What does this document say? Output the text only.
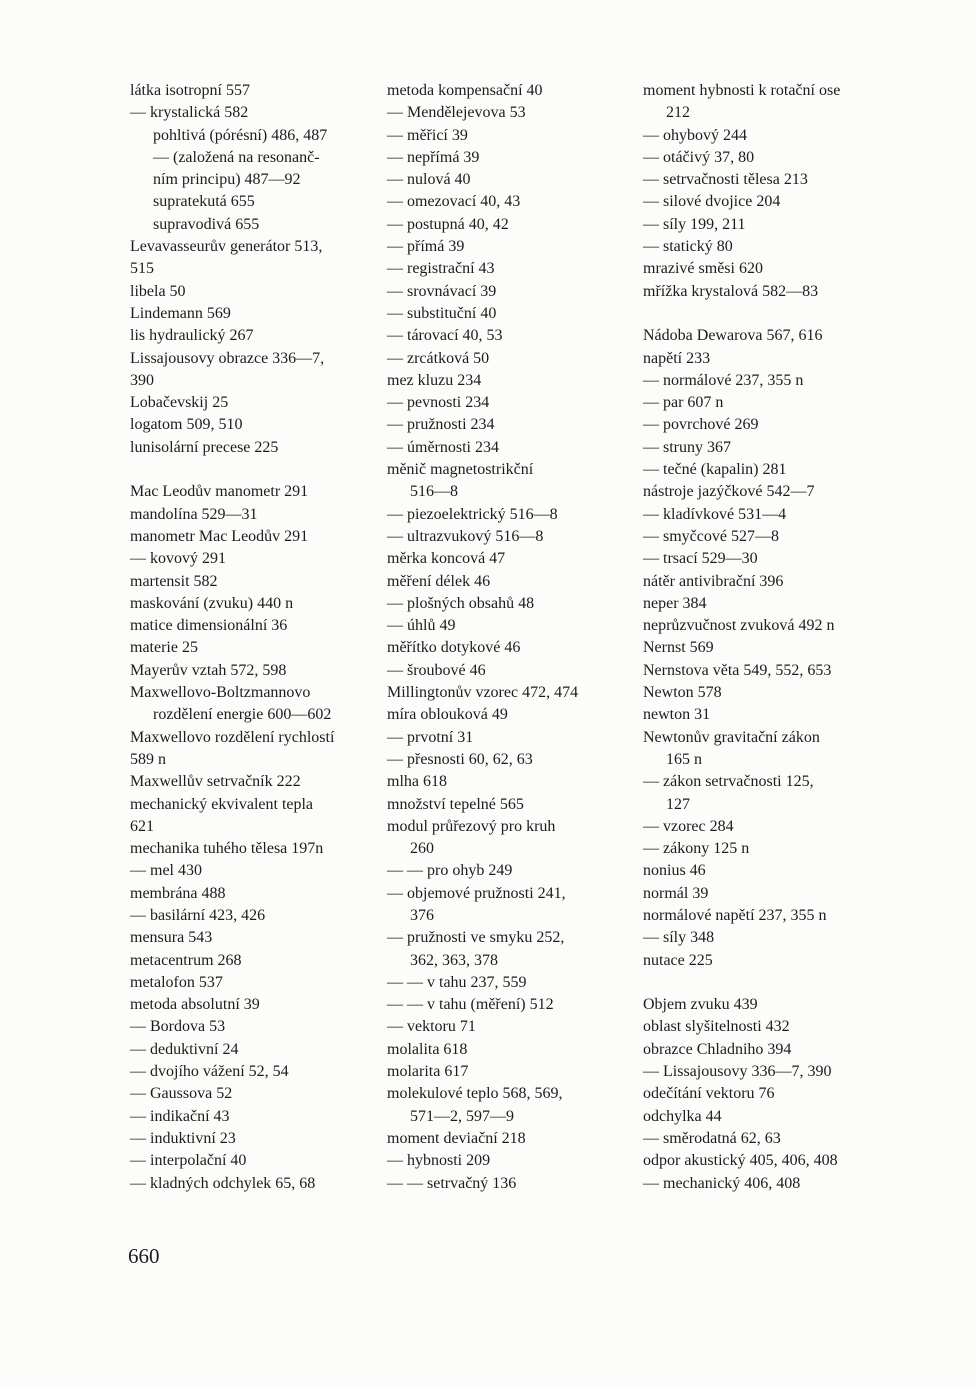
látka isotropní 557
— krystalická 582
pohltivá (pórésní) 486, 487
— (založená na resonanč-
ním principu) 487—92
supratekutá 655
supravodivá 655
Levavasseurův generátor 513,
515
libela 50
Lindemann 569
lis hydraulický 267
Lissajousovy obrazce 336—7,
390
Lobačevskij 25
logatom 509, 510
lunisolární precese 225
Mac Leodův manometr 291
mandolína 529—31
manometr Mac Leodův 291
— kovový 291
martensit 582
maskování (zvuku) 440 n
matice dimensionální 36
materie 25
Mayerův vztah 572, 598
Maxwellovo-Boltzmannovo
rozdělení energie 600—602
Maxwellovo rozdělení rychlostí
589 n
Maxwellův setrvačník 222
mechanický ekvivalent tepla
621
mechanika tuhého tělesa 197n
— mel 430
membrána 488
— basilární 423, 426
mensura 543
metacentrum 268
metalofon 537
metoda absolutní 39
— Bordova 53
— deduktivní 24
— dvojího vážení 52, 54
— Gaussova 52
— indikační 43
— induktivní 23
— interpolační 40
— kladných odchylek 65, 68
metoda kompensační 40
— Mendělejevova 53
— měřicí 39
— nepřímá 39
— nulová 40
— omezovací 40, 43
— postupná 40, 42
— přímá 39
— registrační 43
— srovnávací 39
— substituční 40
— tárovací 40, 53
— zrcátková 50
mez kluzu 234
— pevnosti 234
— pružnosti 234
— úměrnosti 234
měnič magnetostrikční
516—8
— piezoelektrický 516—8
— ultrazvukový 516—8
měrka koncová 47
měření délek 46
— plošných obsahů 48
— úhlů 49
měřítko dotykové 46
— šroubové 46
Millingtonův vzorec 472, 474
míra oblouková 49
— prvotní 31
— přesnosti 60, 62, 63
mlha 618
množství tepelné 565
modul průřezový pro kruh
260
— — pro ohyb 249
— objemové pružnosti 241,
376
— pružnosti ve smyku 252,
362, 363, 378
— — v tahu 237, 559
— — v tahu (měření) 512
— vektoru 71
molalita 618
molarita 617
molekulové teplo 568, 569,
571—2, 597—9
moment deviační 218
— hybnosti 209
— — setrvačný 136
moment hybnosti k rotační ose
212
— ohybový 244
— otáčivý 37, 80
— setrvačnosti tělesa 213
— silové dvojice 204
— síly 199, 211
— statický 80
mrazivé směsi 620
mřížka krystalová 582—83
Nádoba Dewarova 567, 616
napětí 233
— normálové 237, 355 n
— par 607 n
— povrchové 269
— struny 367
— tečné (kapalin) 281
nástroje jazýčkové 542—7
— kladívkové 531—4
— smyčcové 527—8
— trsací 529—30
nátěr antivibrační 396
neper 384
neprůzvučnost zvuková 492 n
Nernst 569
Nernstova věta 549, 552, 653
Newton 578
newton 31
Newtonův gravitační zákon
165 n
— zákon setrvačnosti 125,
127
— vzorec 284
— zákony 125 n
nonius 46
normál 39
normálové napětí 237, 355 n
— síly 348
nutace 225
Objem zvuku 439
oblast slyšitelnosti 432
obrazce Chladniho 394
— Lissajousovy 336—7, 390
odečítání vektoru 76
odchylka 44
— směrodatná 62, 63
odpor akustický 405, 406, 408
— mechanický 406, 408
660
